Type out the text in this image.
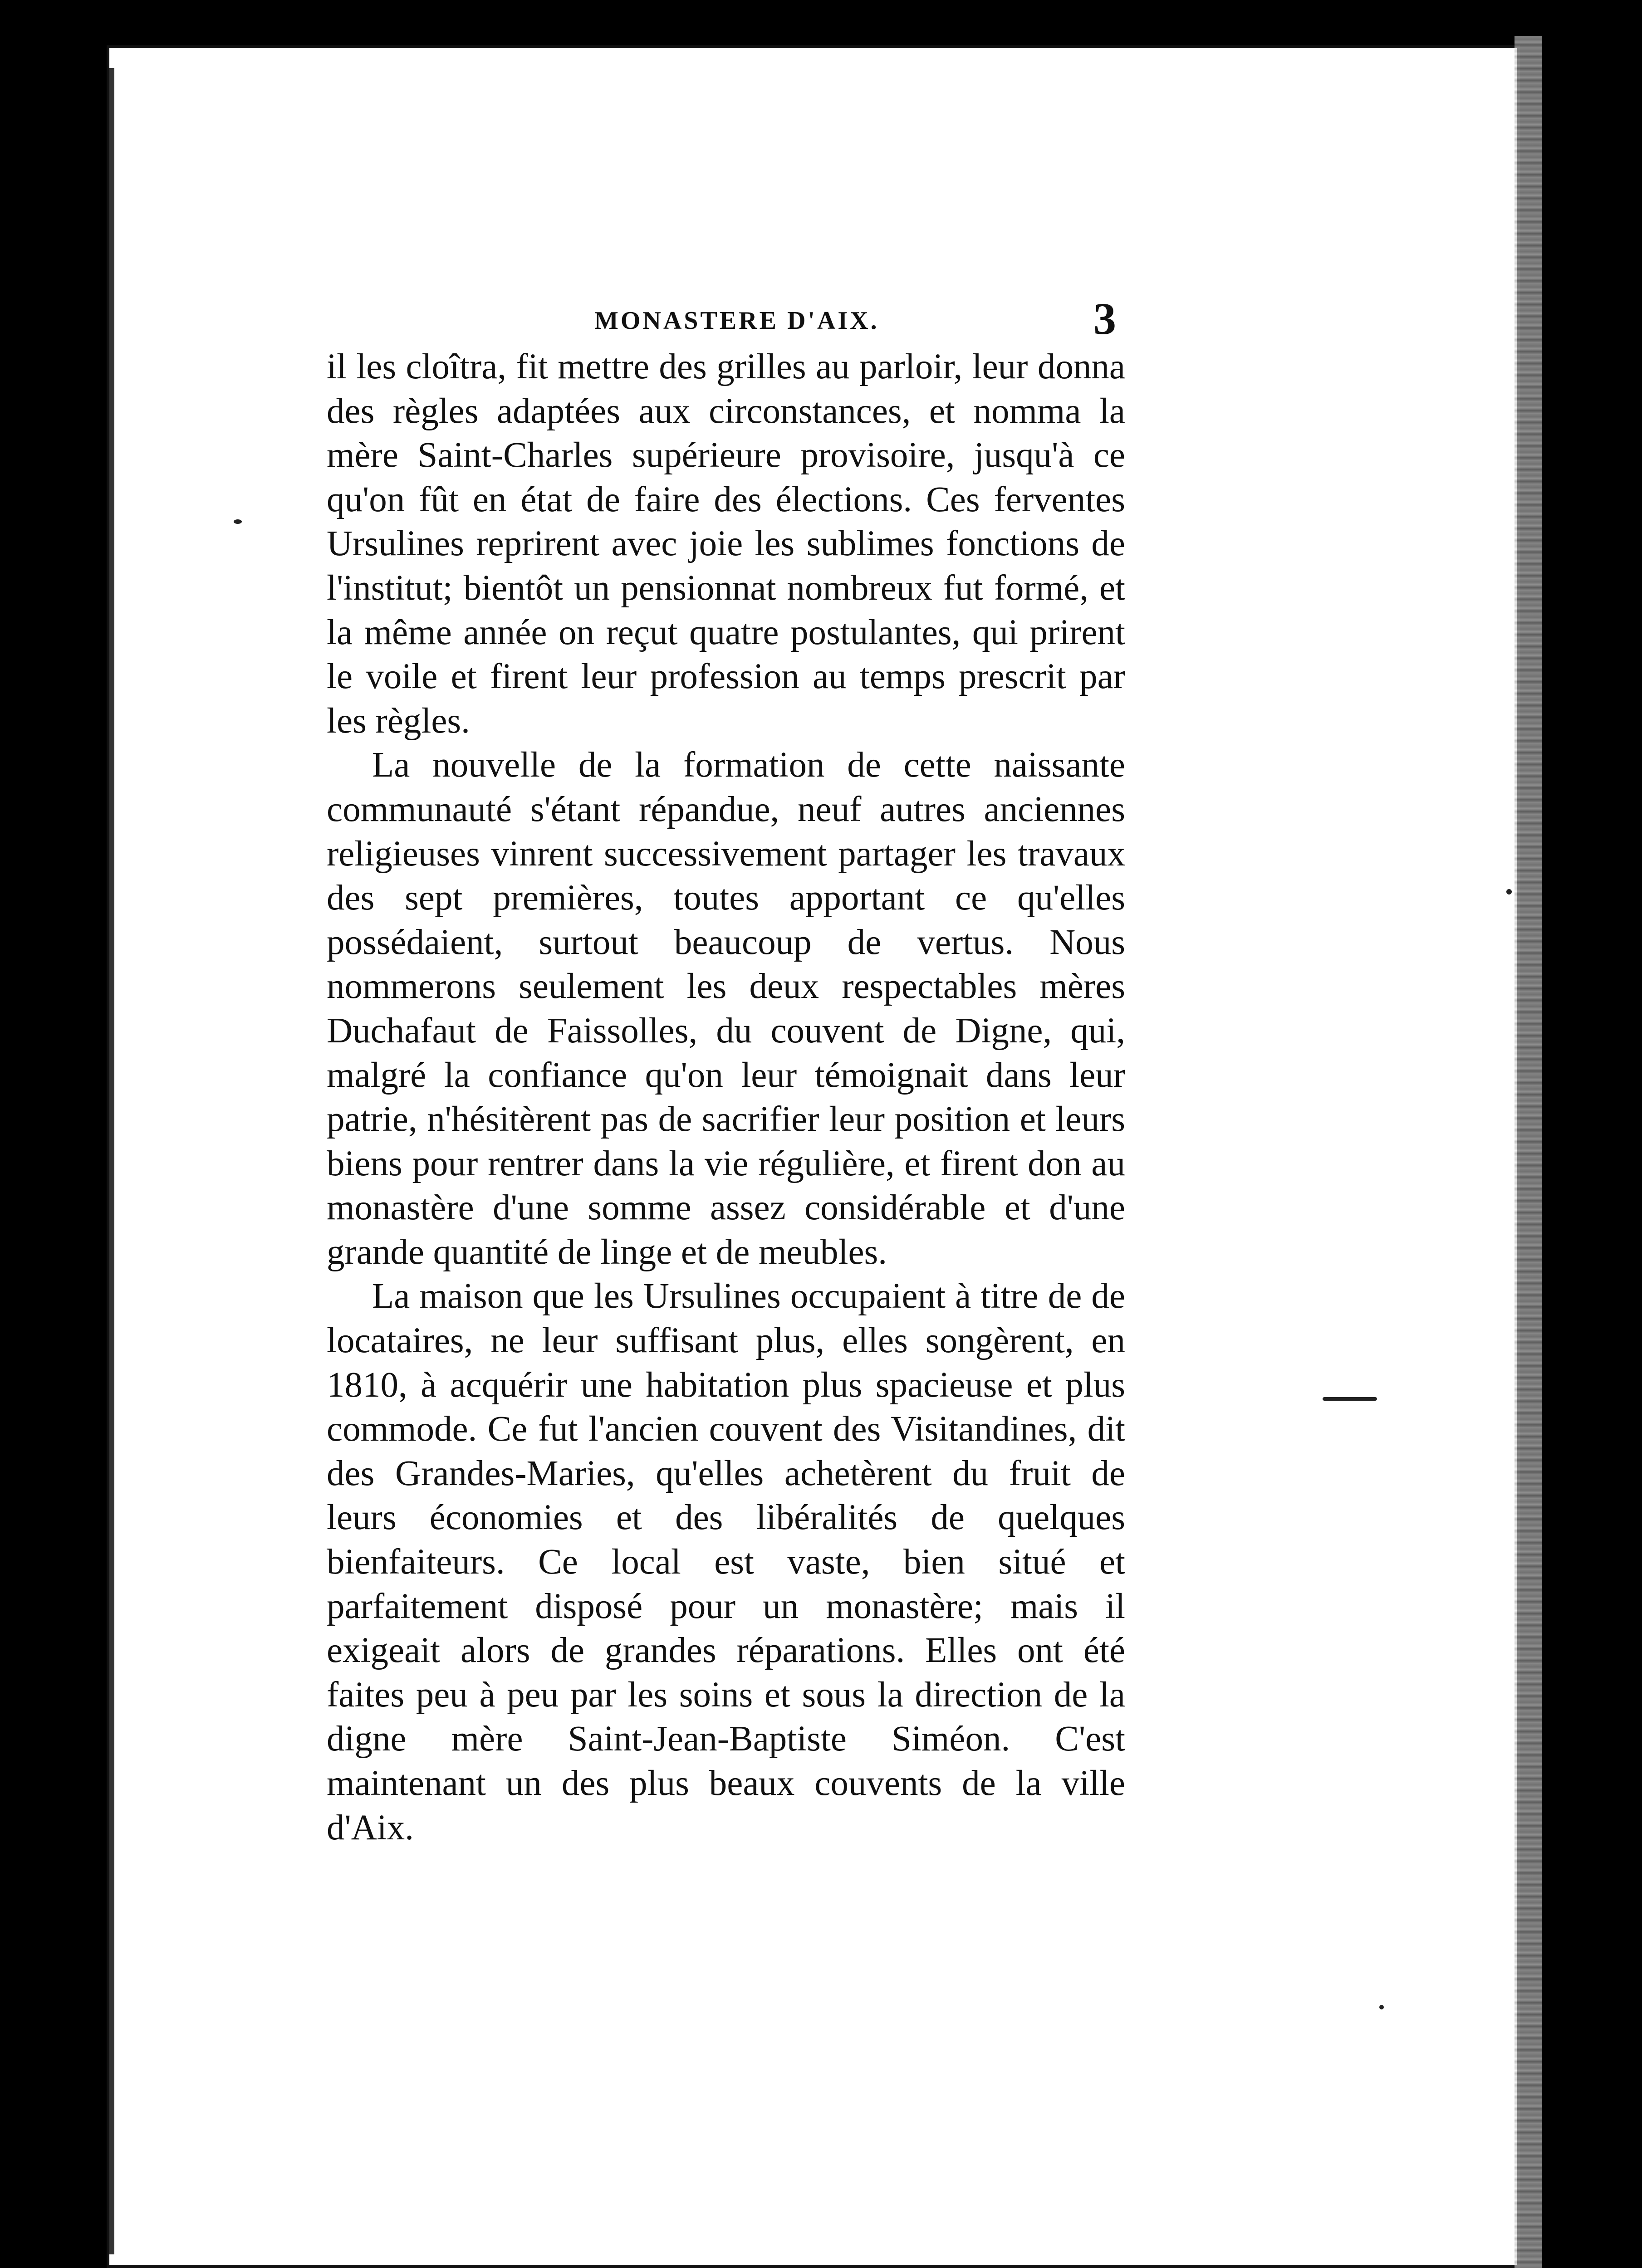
MONASTERE D'AIX.	3

il les cloîtra, fit mettre des grilles au parloir, leur donna des règles adaptées aux circonstances, et nomma la mère Saint-Charles supérieure provisoire, jusqu'à ce qu'on fût en état de faire des élections. Ces ferventes Ursulines reprirent avec joie les sublimes fonctions de l'institut; bientôt un pensionnat nombreux fut formé, et la même année on reçut quatre postulantes, qui prirent le voile et firent leur profession au temps prescrit par les règles.

La nouvelle de la formation de cette naissante communauté s'étant répandue, neuf autres anciennes religieuses vinrent successivement partager les travaux des sept premières, toutes apportant ce qu'elles possédaient, surtout beaucoup de vertus. Nous nommerons seulement les deux respectables mères Duchafaut de Faissolles, du couvent de Digne, qui, malgré la confiance qu'on leur témoignait dans leur patrie, n'hésitèrent pas de sacrifier leur position et leurs biens pour rentrer dans la vie régulière, et firent don au monastère d'une somme assez considérable et d'une grande quantité de linge et de meubles.

La maison que les Ursulines occupaient à titre de de locataires, ne leur suffisant plus, elles songèrent, en 1810, à acquérir une habitation plus spacieuse et plus commode. Ce fut l'ancien couvent des Visitandines, dit des Grandes-Maries, qu'elles achetèrent du fruit de leurs économies et des libéralités de quelques bienfaiteurs. Ce local est vaste, bien situé et parfaitement disposé pour un monastère; mais il exigeait alors de grandes réparations. Elles ont été faites peu à peu par les soins et sous la direction de la digne mère Saint-Jean-Baptiste Siméon. C'est maintenant un des plus beaux couvents de la ville d'Aix.
